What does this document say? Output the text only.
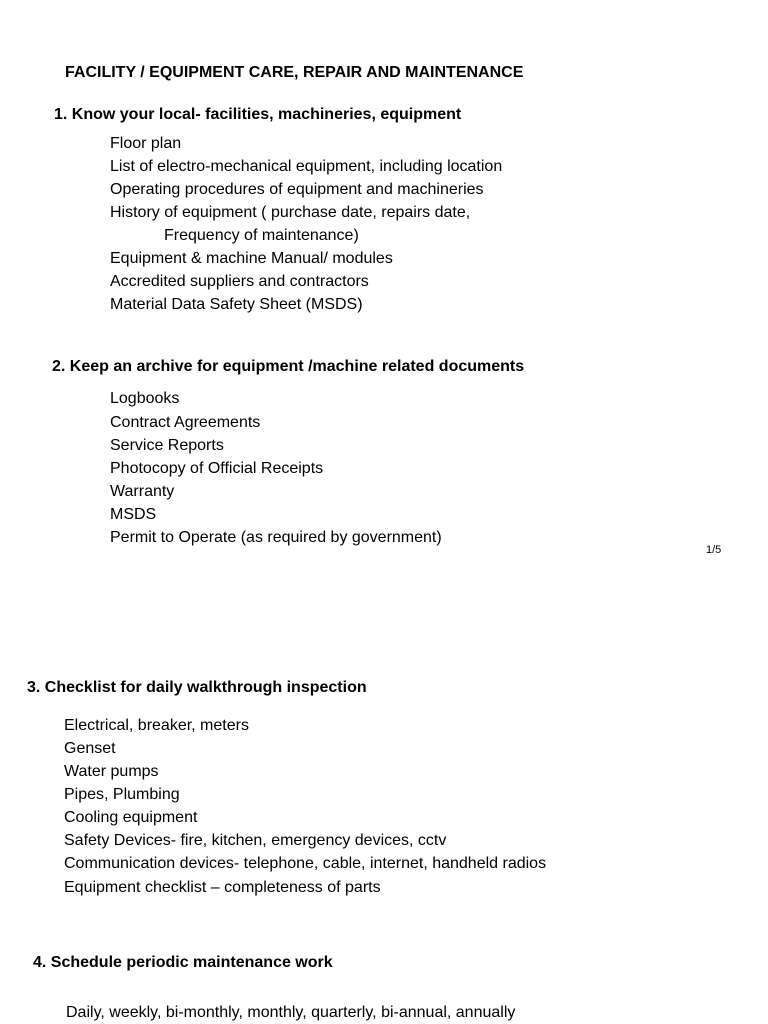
FACILITY / EQUIPMENT CARE, REPAIR AND MAINTENANCE
1. Know your local- facilities, machineries, equipment
Floor plan
List of electro-mechanical equipment, including location
Operating procedures of equipment and machineries
History of equipment ( purchase date, repairs date,
Frequency of maintenance)
Equipment & machine Manual/ modules
Accredited suppliers and contractors
Material Data Safety Sheet (MSDS)
2. Keep an archive for equipment /machine related documents
Logbooks
Contract Agreements
Service Reports
Photocopy of Official Receipts
Warranty
MSDS
Permit to Operate (as required by government)
1/5
3. Checklist for daily walkthrough inspection
Electrical, breaker, meters
Genset
Water pumps
Pipes, Plumbing
Cooling equipment
Safety Devices- fire, kitchen, emergency devices, cctv
Communication devices- telephone, cable, internet, handheld radios
Equipment checklist – completeness of parts
4. Schedule periodic maintenance work
Daily, weekly, bi-monthly, monthly, quarterly, bi-annual, annually
